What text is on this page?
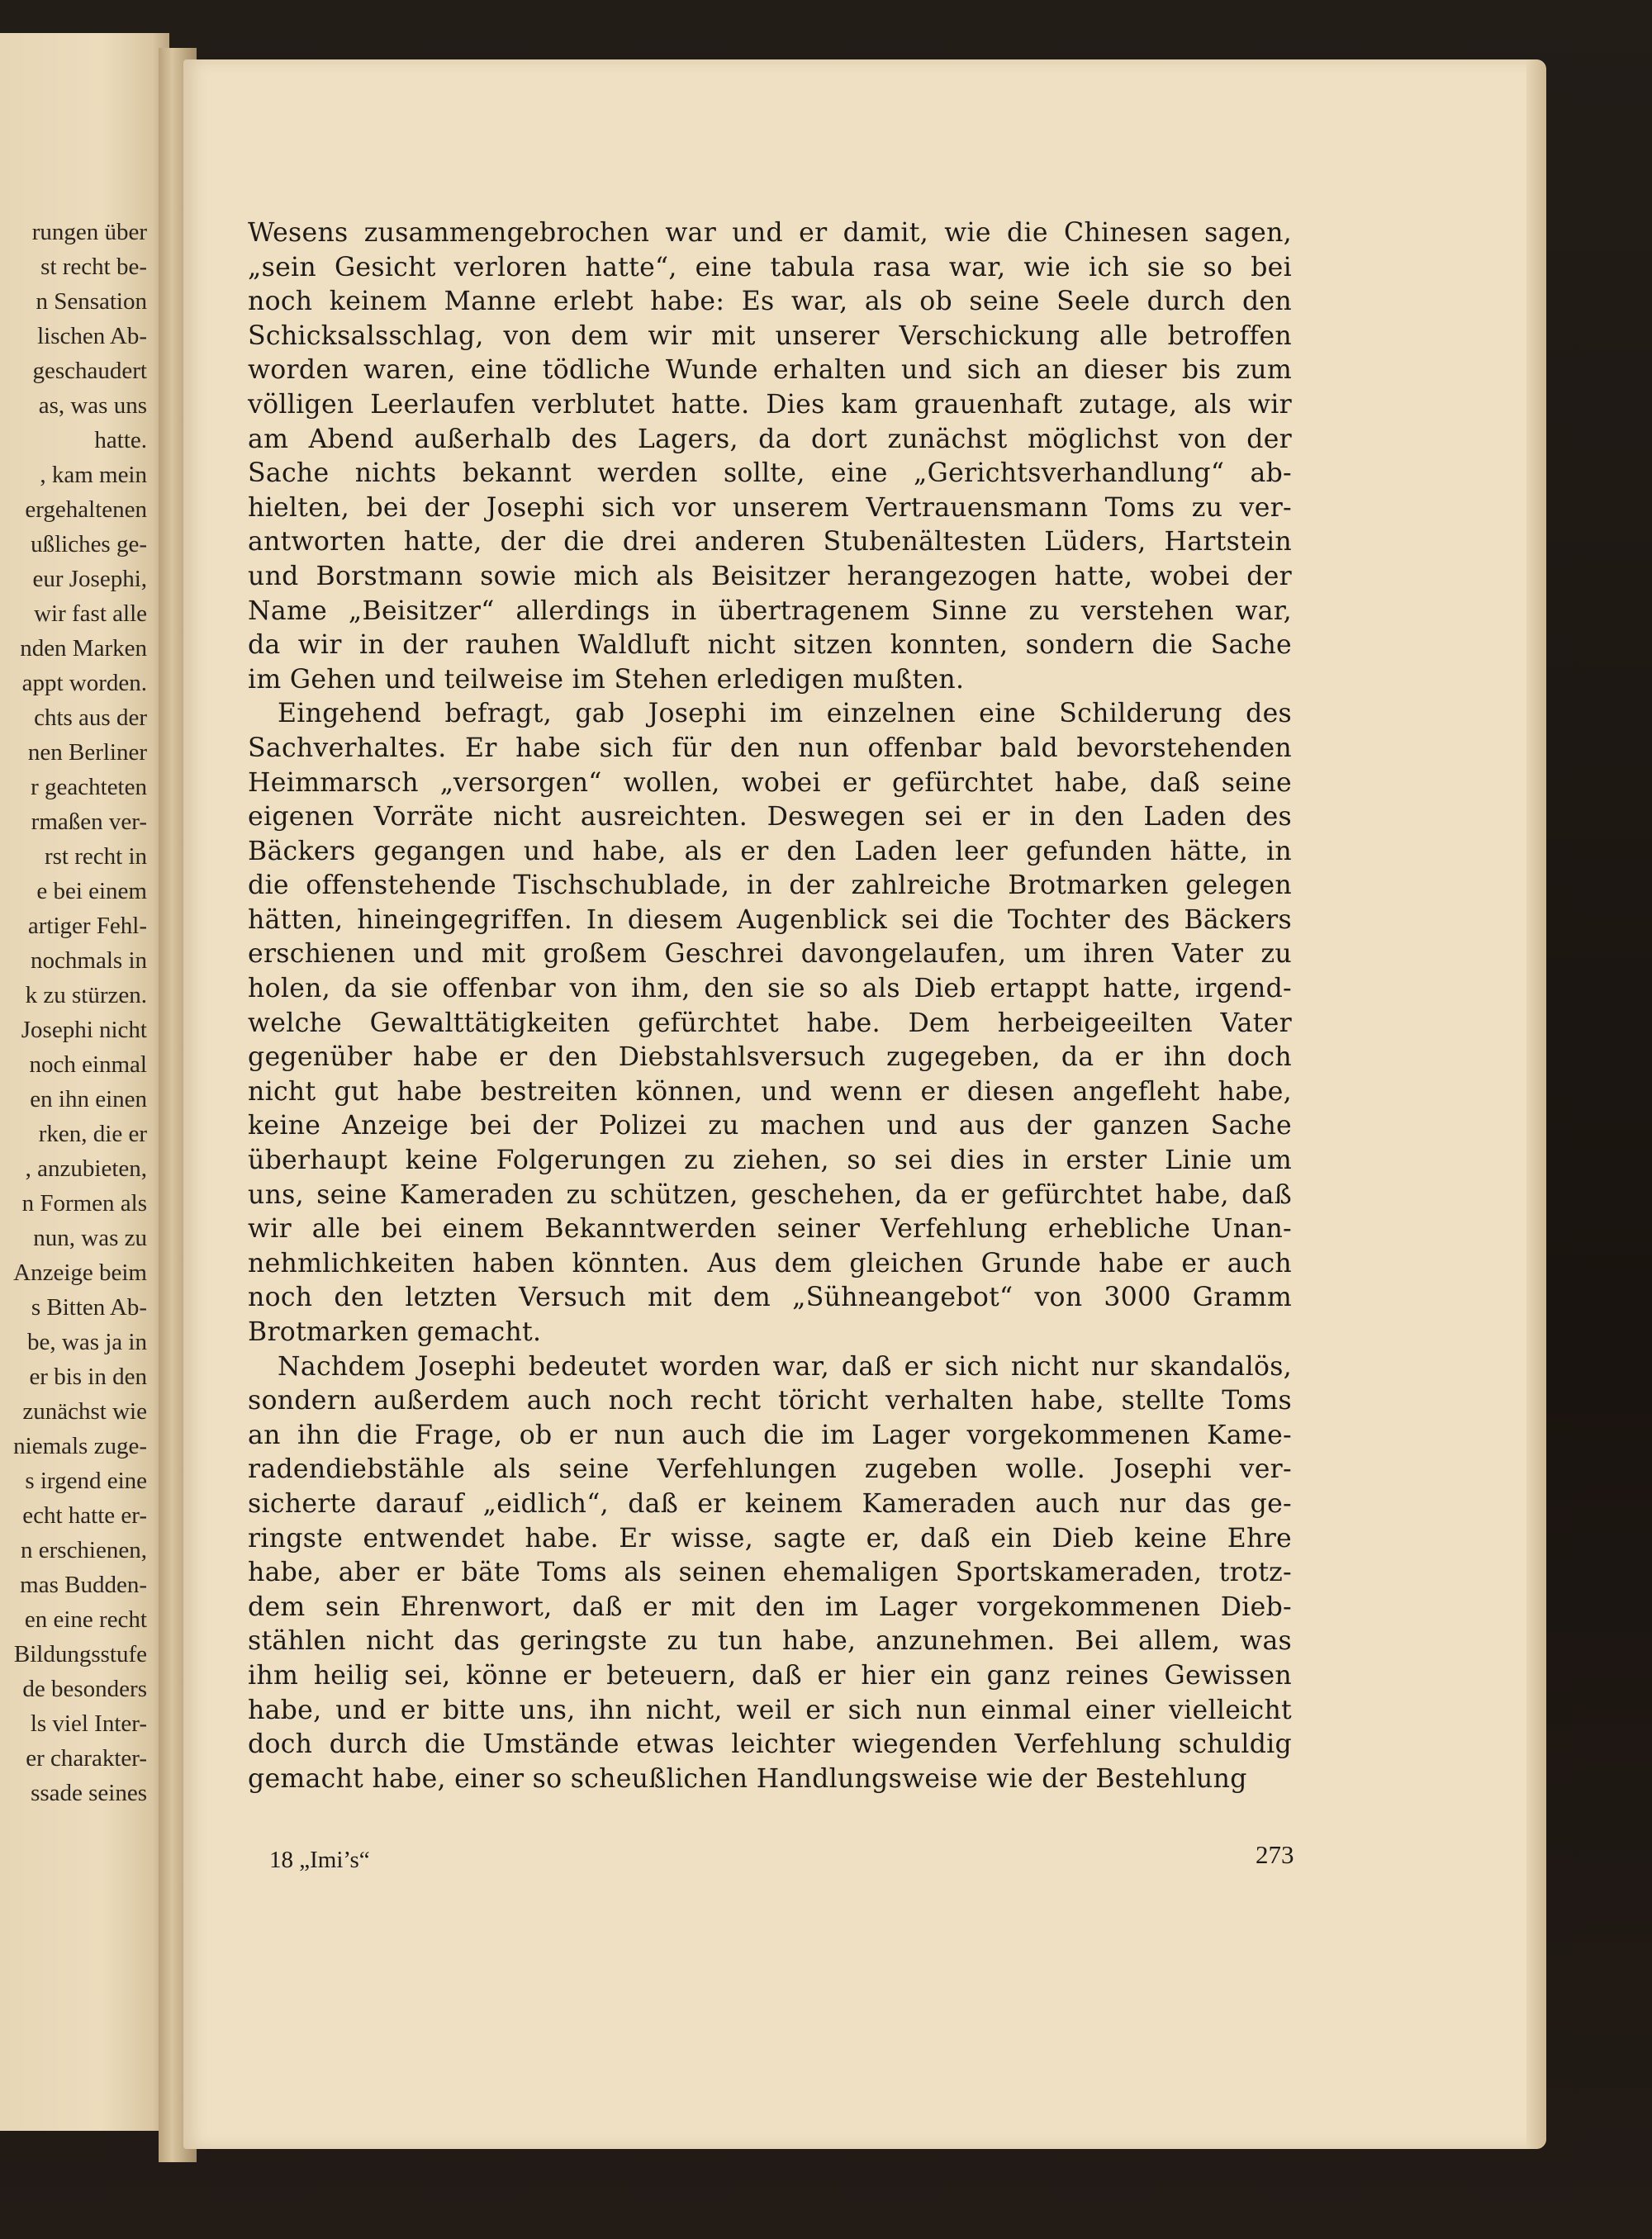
rungen über
st recht be-
n Sensation
lischen Ab-
geschaudert
as, was uns
hatte.
, kam mein
ergehaltenen
ußliches ge-
eur Josephi,
wir fast alle
nden Marken
appt worden.
chts aus der
nen Berliner
r geachteten
rmaßen ver-
rst recht in
e bei einem
artiger Fehl-
nochmals in
k zu stürzen.
Josephi nicht
noch einmal
en ihn einen
rken, die er
, anzubieten,
n Formen als
nun, was zu
Anzeige beim
s Bitten Ab-
be, was ja in
er bis in den
zunächst wie
niemals zuge-
s irgend eine
echt hatte er-
n erschienen,
mas Budden-
en eine recht
Bildungsstufe
de besonders
ls viel Inter-
er charakter-
ssade seines
Wesens zusammengebrochen war und er damit, wie die Chinesen sagen,
„sein Gesicht verloren hatte“, eine tabula rasa war, wie ich sie so bei
noch keinem Manne erlebt habe: Es war, als ob seine Seele durch den
Schicksalsschlag, von dem wir mit unserer Verschickung alle betroffen
worden waren, eine tödliche Wunde erhalten und sich an dieser bis zum
völligen Leerlaufen verblutet hatte. Dies kam grauenhaft zutage, als wir
am Abend außerhalb des Lagers, da dort zunächst möglichst von der
Sache nichts bekannt werden sollte, eine „Gerichtsverhandlung“ ab-
hielten, bei der Josephi sich vor unserem Vertrauensmann Toms zu ver-
antworten hatte, der die drei anderen Stubenältesten Lüders, Hartstein
und Borstmann sowie mich als Beisitzer herangezogen hatte, wobei der
Name „Beisitzer“ allerdings in übertragenem Sinne zu verstehen war,
da wir in der rauhen Waldluft nicht sitzen konnten, sondern die Sache
im Gehen und teilweise im Stehen erledigen mußten.
Eingehend befragt, gab Josephi im einzelnen eine Schilderung des
Sachverhaltes. Er habe sich für den nun offenbar bald bevorstehenden
Heimmarsch „versorgen“ wollen, wobei er gefürchtet habe, daß seine
eigenen Vorräte nicht ausreichten. Deswegen sei er in den Laden des
Bäckers gegangen und habe, als er den Laden leer gefunden hätte, in
die offenstehende Tischschublade, in der zahlreiche Brotmarken gelegen
hätten, hineingegriffen. In diesem Augenblick sei die Tochter des Bäckers
erschienen und mit großem Geschrei davongelaufen, um ihren Vater zu
holen, da sie offenbar von ihm, den sie so als Dieb ertappt hatte, irgend-
welche Gewalttätigkeiten gefürchtet habe. Dem herbeigeeilten Vater
gegenüber habe er den Diebstahlsversuch zugegeben, da er ihn doch
nicht gut habe bestreiten können, und wenn er diesen angefleht habe,
keine Anzeige bei der Polizei zu machen und aus der ganzen Sache
überhaupt keine Folgerungen zu ziehen, so sei dies in erster Linie um
uns, seine Kameraden zu schützen, geschehen, da er gefürchtet habe, daß
wir alle bei einem Bekanntwerden seiner Verfehlung erhebliche Unan-
nehmlichkeiten haben könnten. Aus dem gleichen Grunde habe er auch
noch den letzten Versuch mit dem „Sühneangebot“ von 3000 Gramm
Brotmarken gemacht.
Nachdem Josephi bedeutet worden war, daß er sich nicht nur skandalös,
sondern außerdem auch noch recht töricht verhalten habe, stellte Toms
an ihn die Frage, ob er nun auch die im Lager vorgekommenen Kame-
radendiebstähle als seine Verfehlungen zugeben wolle. Josephi ver-
sicherte darauf „eidlich“, daß er keinem Kameraden auch nur das ge-
ringste entwendet habe. Er wisse, sagte er, daß ein Dieb keine Ehre
habe, aber er bäte Toms als seinen ehemaligen Sportskameraden, trotz-
dem sein Ehrenwort, daß er mit den im Lager vorgekommenen Dieb-
stählen nicht das geringste zu tun habe, anzunehmen. Bei allem, was
ihm heilig sei, könne er beteuern, daß er hier ein ganz reines Gewissen
habe, und er bitte uns, ihn nicht, weil er sich nun einmal einer vielleicht
doch durch die Umstände etwas leichter wiegenden Verfehlung schuldig
gemacht habe, einer so scheußlichen Handlungsweise wie der Bestehlung
18 „Imi’s“	273
